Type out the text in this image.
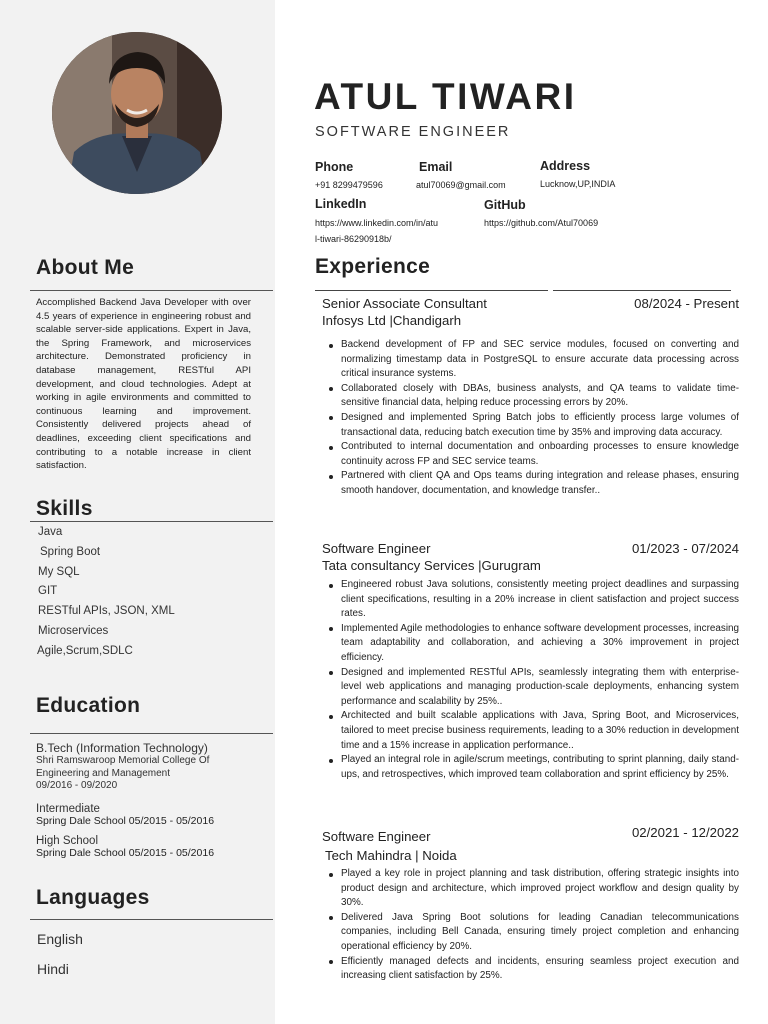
About Me

Accomplished Backend Java Developer with over 4.5 years of experience in engineering robust and scalable server-side applications. Expert in Java, the Spring Framework, and microservices architecture. Demonstrated proficiency in database management, RESTful API development, and cloud technologies. Adept at working in agile environments and committed to continuous learning and improvement. Consistently delivered projects ahead of deadlines, exceeding client specifications and contributing to a notable increase in client satisfaction.

Skills
Java
Spring Boot
My SQL
GIT
RESTful APIs, JSON, XML
Microservices
Agile,Scrum,SDLC
Education
B.Tech (Information Technology)
Shri Ramswaroop Memorial College Of
Engineering and Management
09/2016 - 09/2020
Intermediate
Spring Dale School 05/2015 - 05/2016
High School
Spring Dale School 05/2015 - 05/2016
Languages
English
Hindi
ATUL TIWARI
SOFTWARE ENGINEER
Phone
+91 8299479596
Email
atul70069@gmail.com
Address
Lucknow,UP,INDIA
LinkedIn
https://www.linkedin.com/in/atu
l-tiwari-86290918b/
GitHub
https://github.com/Atul70069
Experience
Senior Associate Consultant	08/2024 - Present
Infosys Ltd |Chandigarh
Backend development of FP and SEC service modules, focused on converting and normalizing timestamp data in PostgreSQL to ensure accurate data processing across critical insurance systems.
Collaborated closely with DBAs, business analysts, and QA teams to validate time-sensitive financial data, helping reduce processing errors by 20%.
Designed and implemented Spring Batch jobs to efficiently process large volumes of transactional data, reducing batch execution time by 35% and improving data accuracy.
Contributed to internal documentation and onboarding processes to ensure knowledge continuity across FP and SEC service teams.
Partnered with client QA and Ops teams during integration and release phases, ensuring smooth handover, documentation, and knowledge transfer..
Software Engineer	01/2023 - 07/2024
Tata consultancy Services |Gurugram
Engineered robust Java solutions, consistently meeting project deadlines and surpassing client specifications, resulting in a 20% increase in client satisfaction and project success rates.
Implemented Agile methodologies to enhance software development processes, increasing team adaptability and collaboration, and achieving a 30% improvement in project efficiency.
Designed and implemented RESTful APIs, seamlessly integrating them with enterprise-level web applications and managing production-scale deployments, enhancing system performance and scalability by 25%..
Architected and built scalable applications with Java, Spring Boot, and Microservices, tailored to meet precise business requirements, leading to a 30% reduction in development time and a 15% increase in application performance..
Played an integral role in agile/scrum meetings, contributing to sprint planning, daily stand-ups, and retrospectives, which improved team collaboration and sprint efficiency by 25%.
Software Engineer	02/2021 - 12/2022
Tech Mahindra | Noida
Played a key role in project planning and task distribution, offering strategic insights into product design and architecture, which improved project workflow and design quality by 30%.
Delivered Java Spring Boot solutions for leading Canadian telecommunications companies, including Bell Canada, ensuring timely project completion and enhancing operational efficiency by 20%.
Efficiently managed defects and incidents, ensuring seamless project execution and increasing client satisfaction by 25%.
